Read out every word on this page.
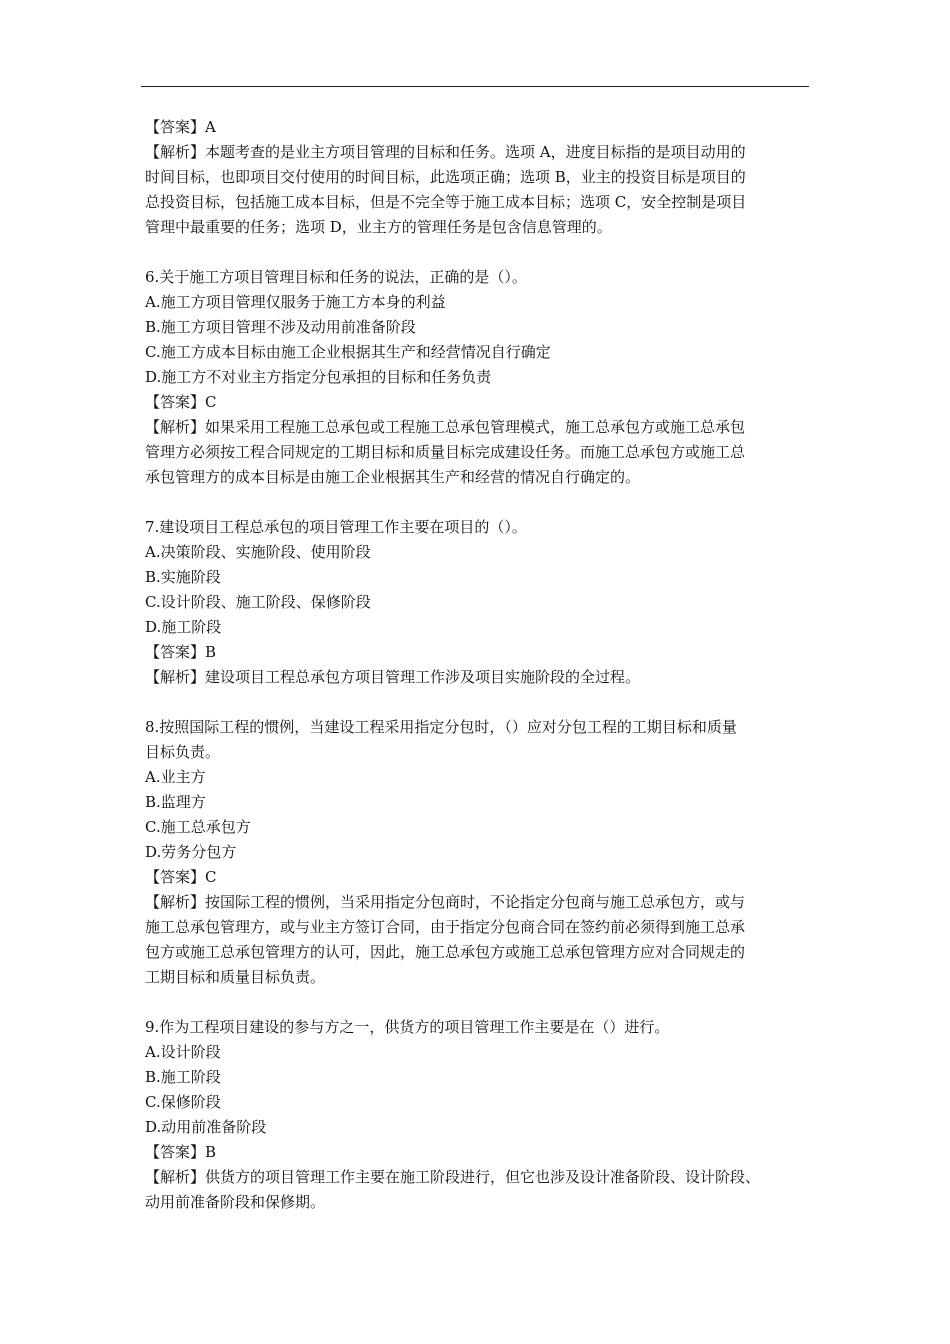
【答案】A
【解析】本题考查的是业主方项目管理的目标和任务。选项 A，进度目标指的是项目动用的
时间目标，也即项目交付使用的时间目标，此选项正确；选项 B，业主的投资目标是项目的
总投资目标，包括施工成本目标，但是不完全等于施工成本目标；选项 C，安全控制是项目
管理中最重要的任务；选项 D，业主方的管理任务是包含信息管理的。
6.关于施工方项目管理目标和任务的说法，正确的是（）。
A.施工方项目管理仅服务于施工方本身的利益
B.施工方项目管理不涉及动用前准备阶段
C.施工方成本目标由施工企业根据其生产和经营情况自行确定
D.施工方不对业主方指定分包承担的目标和任务负责
【答案】C
【解析】如果采用工程施工总承包或工程施工总承包管理模式，施工总承包方或施工总承包
管理方必须按工程合同规定的工期目标和质量目标完成建设任务。而施工总承包方或施工总
承包管理方的成本目标是由施工企业根据其生产和经营的情况自行确定的。
7.建设项目工程总承包的项目管理工作主要在项目的（）。
A.决策阶段、实施阶段、使用阶段
B.实施阶段
C.设计阶段、施工阶段、保修阶段
D.施工阶段
【答案】B
【解析】建设项目工程总承包方项目管理工作涉及项目实施阶段的全过程。
8.按照国际工程的惯例，当建设工程采用指定分包时，（）应对分包工程的工期目标和质量
目标负责。
A.业主方
B.监理方
C.施工总承包方
D.劳务分包方
【答案】C
【解析】按国际工程的惯例，当采用指定分包商时，不论指定分包商与施工总承包方，或与
施工总承包管理方，或与业主方签订合同，由于指定分包商合同在签约前必须得到施工总承
包方或施工总承包管理方的认可，因此，施工总承包方或施工总承包管理方应对合同规走的
工期目标和质量目标负责。
9.作为工程项目建设的参与方之一，供货方的项目管理工作主要是在（）进行。
A.设计阶段
B.施工阶段
C.保修阶段
D.动用前准备阶段
【答案】B
【解析】供货方的项目管理工作主要在施工阶段进行，但它也涉及设计准备阶段、设计阶段、
动用前准备阶段和保修期。
